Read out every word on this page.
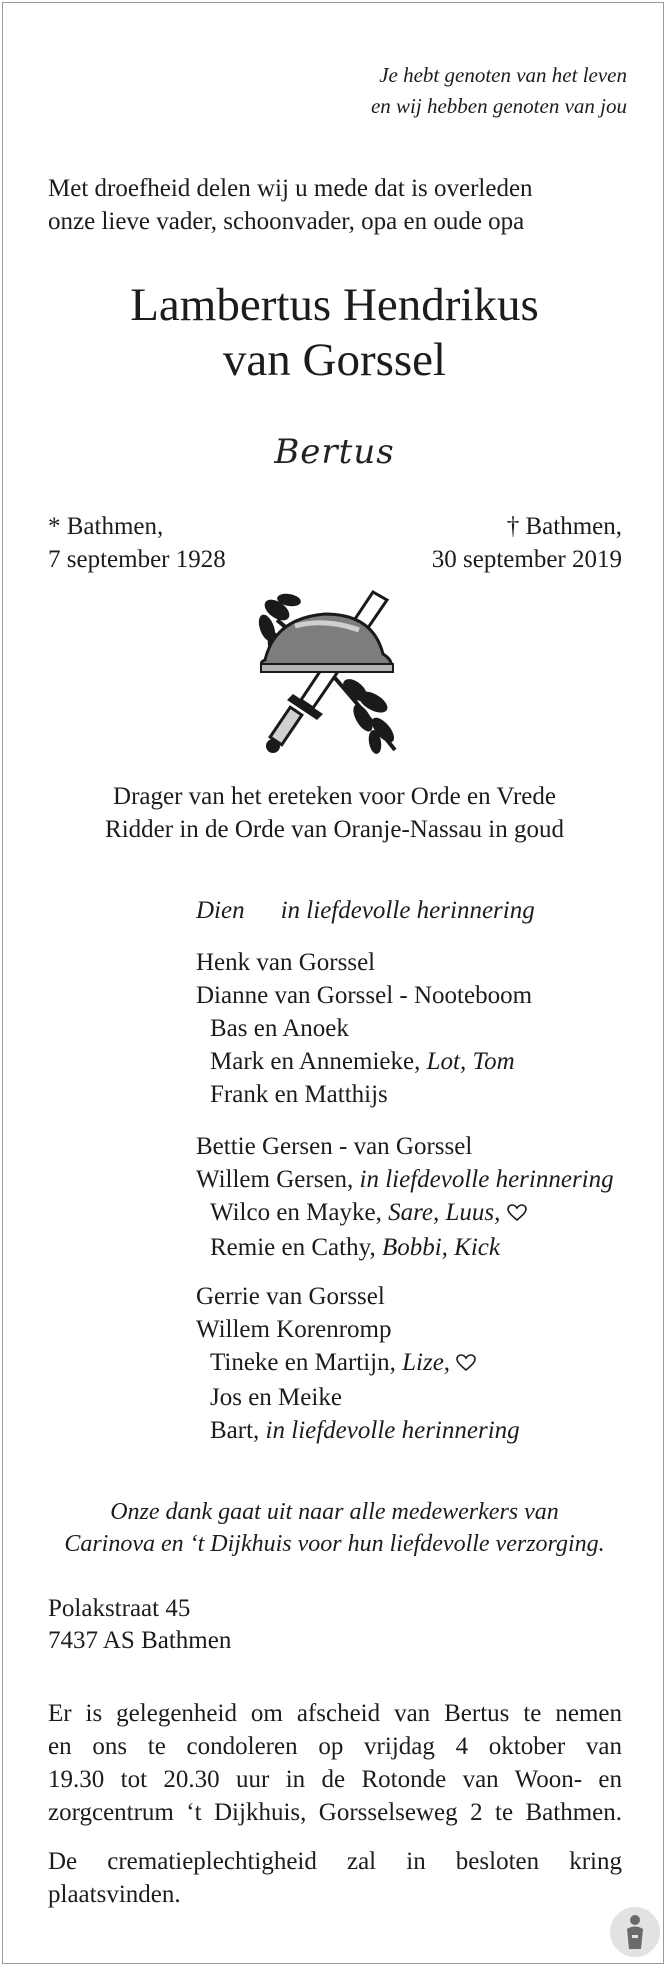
Je hebt genoten van het leven
en wij hebben genoten van jou
Met droefheid delen wij u mede dat is overleden
onze lieve vader, schoonvader, opa en oude opa
Lambertus Hendrikus
van Gorssel
Bertus
* Bathmen,
7 september 1928
† Bathmen,
30 september 2019
Drager van het ereteken voor Orde en Vrede
Ridder in de Orde van Oranje-Nassau in goud
Dien in liefdevolle herinnering
Henk van Gorssel
Dianne van Gorssel - Nooteboom
Bas en Anoek
Mark en Annemieke, Lot, Tom
Frank en Matthijs
Bettie Gersen - van Gorssel
Willem Gersen, in liefdevolle herinnering
Wilco en Mayke, Sare, Luus,
Remie en Cathy, Bobbi, Kick
Gerrie van Gorssel
Willem Korenromp
Tineke en Martijn, Lize,
Jos en Meike
Bart, in liefdevolle herinnering
Onze dank gaat uit naar alle medewerkers van
Carinova en ‘t Dijkhuis voor hun liefdevolle verzorging.
Polakstraat 45
7437 AS Bathmen
Er is gelegenheid om afscheid van Bertus te nemen
en ons te condoleren op vrijdag 4 oktober van
19.30 tot 20.30 uur in de Rotonde van Woon- en
zorgcentrum ‘t Dijkhuis, Gorsselseweg 2 te Bathmen.
De crematieplechtigheid zal in besloten kring
plaatsvinden.
